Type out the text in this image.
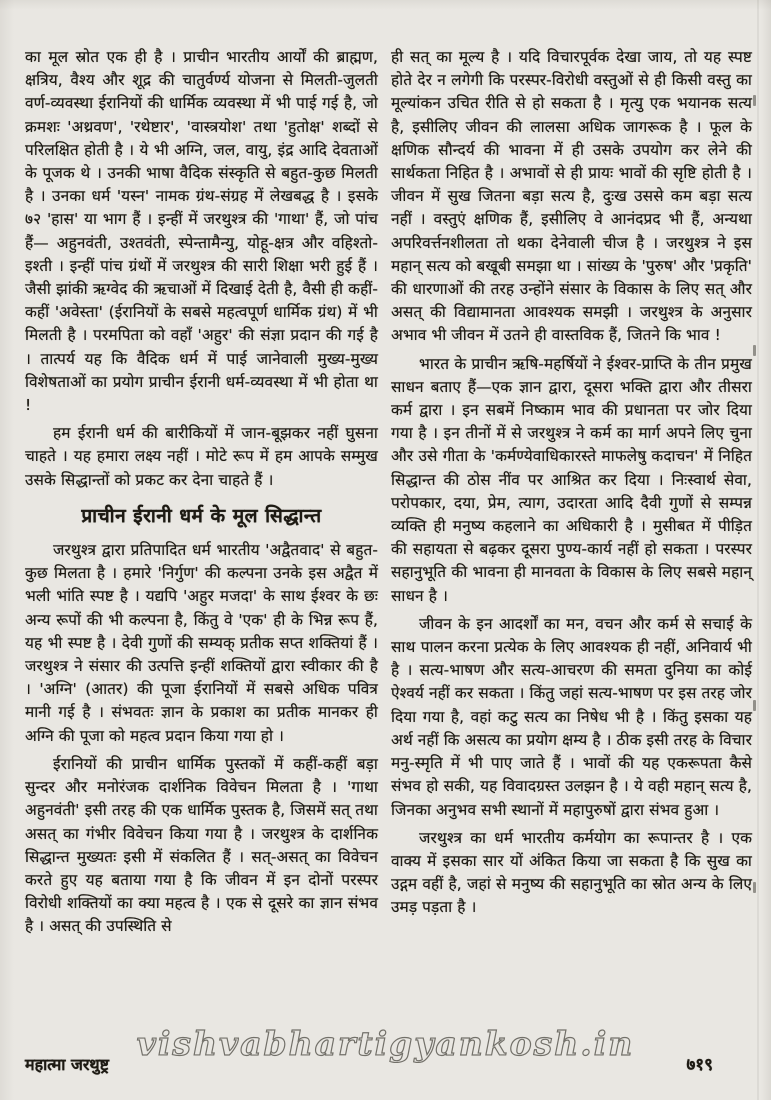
का मूल स्रोत एक ही है । प्राचीन भारतीय आर्यों की ब्राह्मण, क्षत्रिय, वैश्य और शूद्र की चातुर्वर्ण्य योजना से मिलती-जुलती वर्ण-व्यवस्था ईरानियों की धार्मिक व्यवस्था में भी पाई गई है, जो क्रमशः 'अथ्रवण', 'रथेष्टार', 'वास्त्रयोश' तथा 'हुतोक्ष' शब्दों से परिलक्षित होती है । ये भी अग्नि, जल, वायु, इंद्र आदि देवताओं के पूजक थे । उनकी भाषा वैदिक संस्कृति से बहुत-कुछ मिलती है । उनका धर्म 'यस्न' नामक ग्रंथ-संग्रह में लेखबद्ध है । इसके ७२ 'हास' या भाग हैं । इन्हीं में जरथुश्त्र की 'गाथा' हैं, जो पांच हैं— अहुनवंती, उश्तवंती, स्पेन्तामैन्यु, योहू-क्षत्र और वहिश्तो-इश्ती । इन्हीं पांच ग्रंथों में जरथुश्त्र की सारी शिक्षा भरी हुई हैं । जैसी झांकी ऋग्वेद की ऋचाओं में दिखाई देती है, वैसी ही कहीं-कहीं 'अवेस्ता' (ईरानियों के सबसे महत्वपूर्ण धार्मिक ग्रंथ) में भी मिलती है । परमपिता को वहाँ 'अहुर' की संज्ञा प्रदान की गई है । तात्पर्य यह कि वैदिक धर्म में पाई जानेवाली मुख्य-मुख्य विशेषताओं का प्रयोग प्राचीन ईरानी धर्म-व्यवस्था में भी होता था !

हम ईरानी धर्म की बारीकियों में जान-बूझकर नहीं घुसना चाहते । यह हमारा लक्ष्य नहीं । मोटे रूप में हम आपके सम्मुख उसके सिद्धान्तों को प्रकट कर देना चाहते हैं ।

प्राचीन ईरानी धर्म के मूल सिद्धान्त

जरथुश्त्र द्वारा प्रतिपादित धर्म भारतीय 'अद्वैतवाद' से बहुत-कुछ मिलता है । हमारे 'निर्गुण' की कल्पना उनके इस अद्वैत में भली भांति स्पष्ट है । यद्यपि 'अहुर मजदा' के साथ ईश्वर के छः अन्य रूपों की भी कल्पना है, किंतु वे 'एक' ही के भिन्न रूप हैं, यह भी स्पष्ट है । देवी गुणों की सम्यक् प्रतीक सप्त शक्तियां हैं । जरथुश्त्र ने संसार की उत्पत्ति इन्हीं शक्तियों द्वारा स्वीकार की है । 'अग्नि' (आतर) की पूजा ईरानियों में सबसे अधिक पवित्र मानी गई है । संभवतः ज्ञान के प्रकाश का प्रतीक मानकर ही अग्नि की पूजा को महत्व प्रदान किया गया हो ।

ईरानियों की प्राचीन धार्मिक पुस्तकों में कहीं-कहीं बड़ा सुन्दर और मनोरंजक दार्शनिक विवेचन मिलता है । 'गाथा अहुनवंती' इसी तरह की एक धार्मिक पुस्तक है, जिसमें सत् तथा असत् का गंभीर विवेचन किया गया है । जरथुश्त्र के दार्शनिक सिद्धान्त मुख्यतः इसी में संकलित हैं । सत्-असत् का विवेचन करते हुए यह बताया गया है कि जीवन में इन दोनों परस्पर विरोधी शक्तियों का क्या महत्व है । एक से दूसरे का ज्ञान संभव है । असत् की उपस्थिति से

ही सत् का मूल्य है । यदि विचारपूर्वक देखा जाय, तो यह स्पष्ट होते देर न लगेगी कि परस्पर-विरोधी वस्तुओं से ही किसी वस्तु का मूल्यांकन उचित रीति से हो सकता है । मृत्यु एक भयानक सत्य है, इसीलिए जीवन की लालसा अधिक जागरूक है । फूल के क्षणिक सौन्दर्य की भावना में ही उसके उपयोग कर लेने की सार्थकता निहित है । अभावों से ही प्रायः भावों की सृष्टि होती है । जीवन में सुख जितना बड़ा सत्य है, दुःख उससे कम बड़ा सत्य नहीं । वस्तुएं क्षणिक हैं, इसीलिए वे आनंदप्रद भी हैं, अन्यथा अपरिवर्त्तनशीलता तो थका देनेवाली चीज है । जरथुश्त्र ने इस महान् सत्य को बखूबी समझा था । सांख्य के 'पुरुष' और 'प्रकृति' की धारणाओं की तरह उन्होंने संसार के विकास के लिए सत् और असत् की विद्यामानता आवश्यक समझी । जरथुश्त्र के अनुसार अभाव भी जीवन में उतने ही वास्तविक हैं, जितने कि भाव !

भारत के प्राचीन ऋषि-महर्षियों ने ईश्वर-प्राप्ति के तीन प्रमुख साधन बताए हैं—एक ज्ञान द्वारा, दूसरा भक्ति द्वारा और तीसरा कर्म द्वारा । इन सबमें निष्काम भाव की प्रधानता पर जोर दिया गया है । इन तीनों में से जरथुश्त्र ने कर्म का मार्ग अपने लिए चुना और उसे गीता के 'कर्मण्येवाधिकारस्ते माफलेषु कदाचन' में निहित सिद्धान्त की ठोस नींव पर आश्रित कर दिया । निःस्वार्थ सेवा, परोपकार, दया, प्रेम, त्याग, उदारता आदि दैवी गुणों से सम्पन्न व्यक्ति ही मनुष्य कहलाने का अधिकारी है । मुसीबत में पीड़ित की सहायता से बढ़कर दूसरा पुण्य-कार्य नहीं हो सकता । परस्पर सहानुभूति की भावना ही मानवता के विकास के लिए सबसे महान् साधन है ।

जीवन के इन आदर्शों का मन, वचन और कर्म से सचाई के साथ पालन करना प्रत्येक के लिए आवश्यक ही नहीं, अनिवार्य भी है । सत्य-भाषण और सत्य-आचरण की समता दुनिया का कोई ऐश्वर्य नहीं कर सकता । किंतु जहां सत्य-भाषण पर इस तरह जोर दिया गया है, वहां कटु सत्य का निषेध भी है । किंतु इसका यह अर्थ नहीं कि असत्य का प्रयोग क्षम्य है । ठीक इसी तरह के विचार मनु-स्मृति में भी पाए जाते हैं । भावों की यह एकरूपता कैसे संभव हो सकी, यह विवादग्रस्त उलझन है । ये वही महान् सत्य है, जिनका अनुभव सभी स्थानों में महापुरुषों द्वारा संभव हुआ ।

जरथुश्त्र का धर्म भारतीय कर्मयोग का रूपान्तर है । एक वाक्य में इसका सार यों अंकित किया जा सकता है कि सुख का उद्गम वहीं है, जहां से मनुष्य की सहानुभूति का स्रोत अन्य के लिए उमड़ पड़ता है ।

vishvabhartigyankosh.in
महात्मा जरथुष्ट्र	७१९
